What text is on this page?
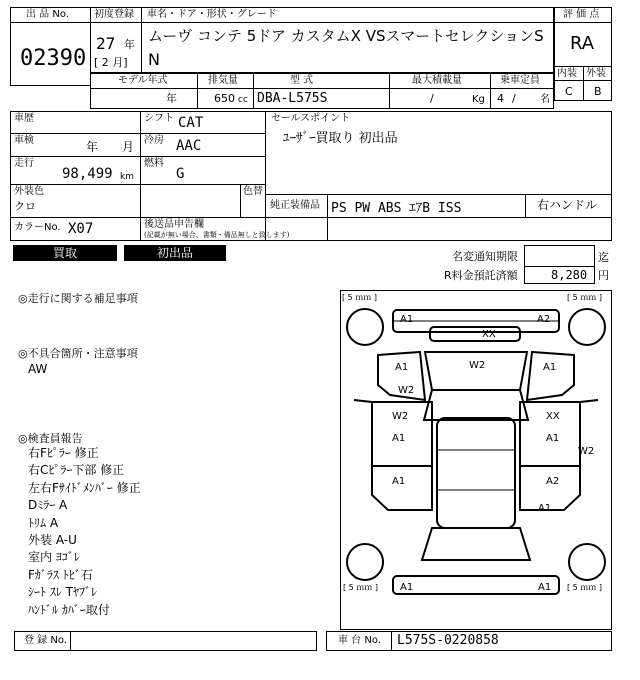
出 品 No.
02390
初度登録 車名・ドア・形状・グレード
27 年
[ 2 月]
ムーヴ コンテ 5ドア カスタムX VSスマートセレクションS
N
評 価 点
RA
内装 外装
C B
モデル年式	排気量	型 式	最大積載量	乗車定員
年	650 cc DBA-L575S	/	Kg 4 / 名
車歴
車検	年 月
走行
98,499 km
外装色
クロ
色替
カラーNo. X07
シフト CAT
冷房 AAC
燃料
G
後送品申告欄
(記載が無い場合、書類・備品無しと致します)
セールスポイント
ﾕｰｻﾞｰ買取り 初出品
純正装備品 PS PW ABS ｴｱB ISS	右ハンドル
買取	初出品	名変通知期限	迄
R料金預託済額	8,280 円
◎走行に関する補足事項
◎不具合箇所・注意事項
AW
◎検査員報告
右Fﾋﾟﾗｰ 修正
右Cﾋﾟﾗｰ下部 修正
左右Fｻｲﾄﾞﾒﾝﾊﾞｰ 修正
Dﾐﾗｰ A
ﾄﾘﾑ A
外装 A-U
室内 ﾖｺﾞﾚ
Fｶﾞﾗｽ ﾄﾋﾞ石
ｼｰﾄ ｽﾚ Tﾔﾌﾞﾚ
ﾊﾝﾄﾞﾙ ｶﾊﾞｰ取付
[ 5 ｍｍ ]	[ 5 ｍｍ ]
[ 5 ｍｍ ]	[ 5 ｍｍ ]
A1	A2
XX
W2
A1
W2
A1
W2
A1
XX
A1
W2
A1	A2
A1
A1	A1
登 録 No.	車 台 No. L575S-0220858
